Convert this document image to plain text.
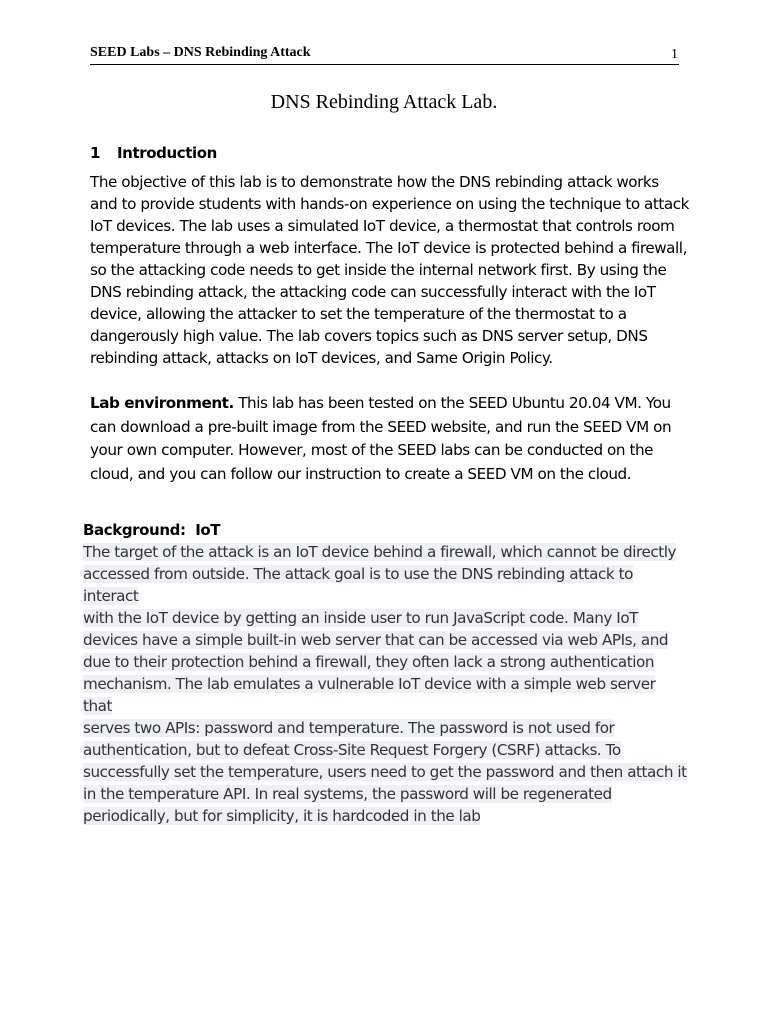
SEED Labs – DNS Rebinding Attack	1
DNS Rebinding Attack Lab.
1 Introduction

The objective of this lab is to demonstrate how the DNS rebinding attack works and to provide students with hands-on experience on using the technique to attack IoT devices. The lab uses a simulated IoT device, a thermostat that controls room temperature through a web interface. The IoT device is protected behind a firewall, so the attacking code needs to get inside the internal network first. By using the DNS rebinding attack, the attacking code can successfully interact with the IoT device, allowing the attacker to set the temperature of the thermostat to a dangerously high value. The lab covers topics such as DNS server setup, DNS rebinding attack, attacks on IoT devices, and Same Origin Policy.

Lab environment. This lab has been tested on the SEED Ubuntu 20.04 VM. You can download a pre-built image from the SEED website, and run the SEED VM on your own computer. However, most of the SEED labs can be conducted on the cloud, and you can follow our instruction to create a SEED VM on the cloud.

Background:  IoT
The target of the attack is an IoT device behind a firewall, which cannot be directly
accessed from outside. The attack goal is to use the DNS rebinding attack to interact
with the IoT device by getting an inside user to run JavaScript code. Many IoT
devices have a simple built-in web server that can be accessed via web APIs, and
due to their protection behind a firewall, they often lack a strong authentication
mechanism. The lab emulates a vulnerable IoT device with a simple web server that
serves two APIs: password and temperature. The password is not used for
authentication, but to defeat Cross-Site Request Forgery (CSRF) attacks. To
successfully set the temperature, users need to get the password and then attach it
in the temperature API. In real systems, the password will be regenerated
periodically, but for simplicity, it is hardcoded in the lab
